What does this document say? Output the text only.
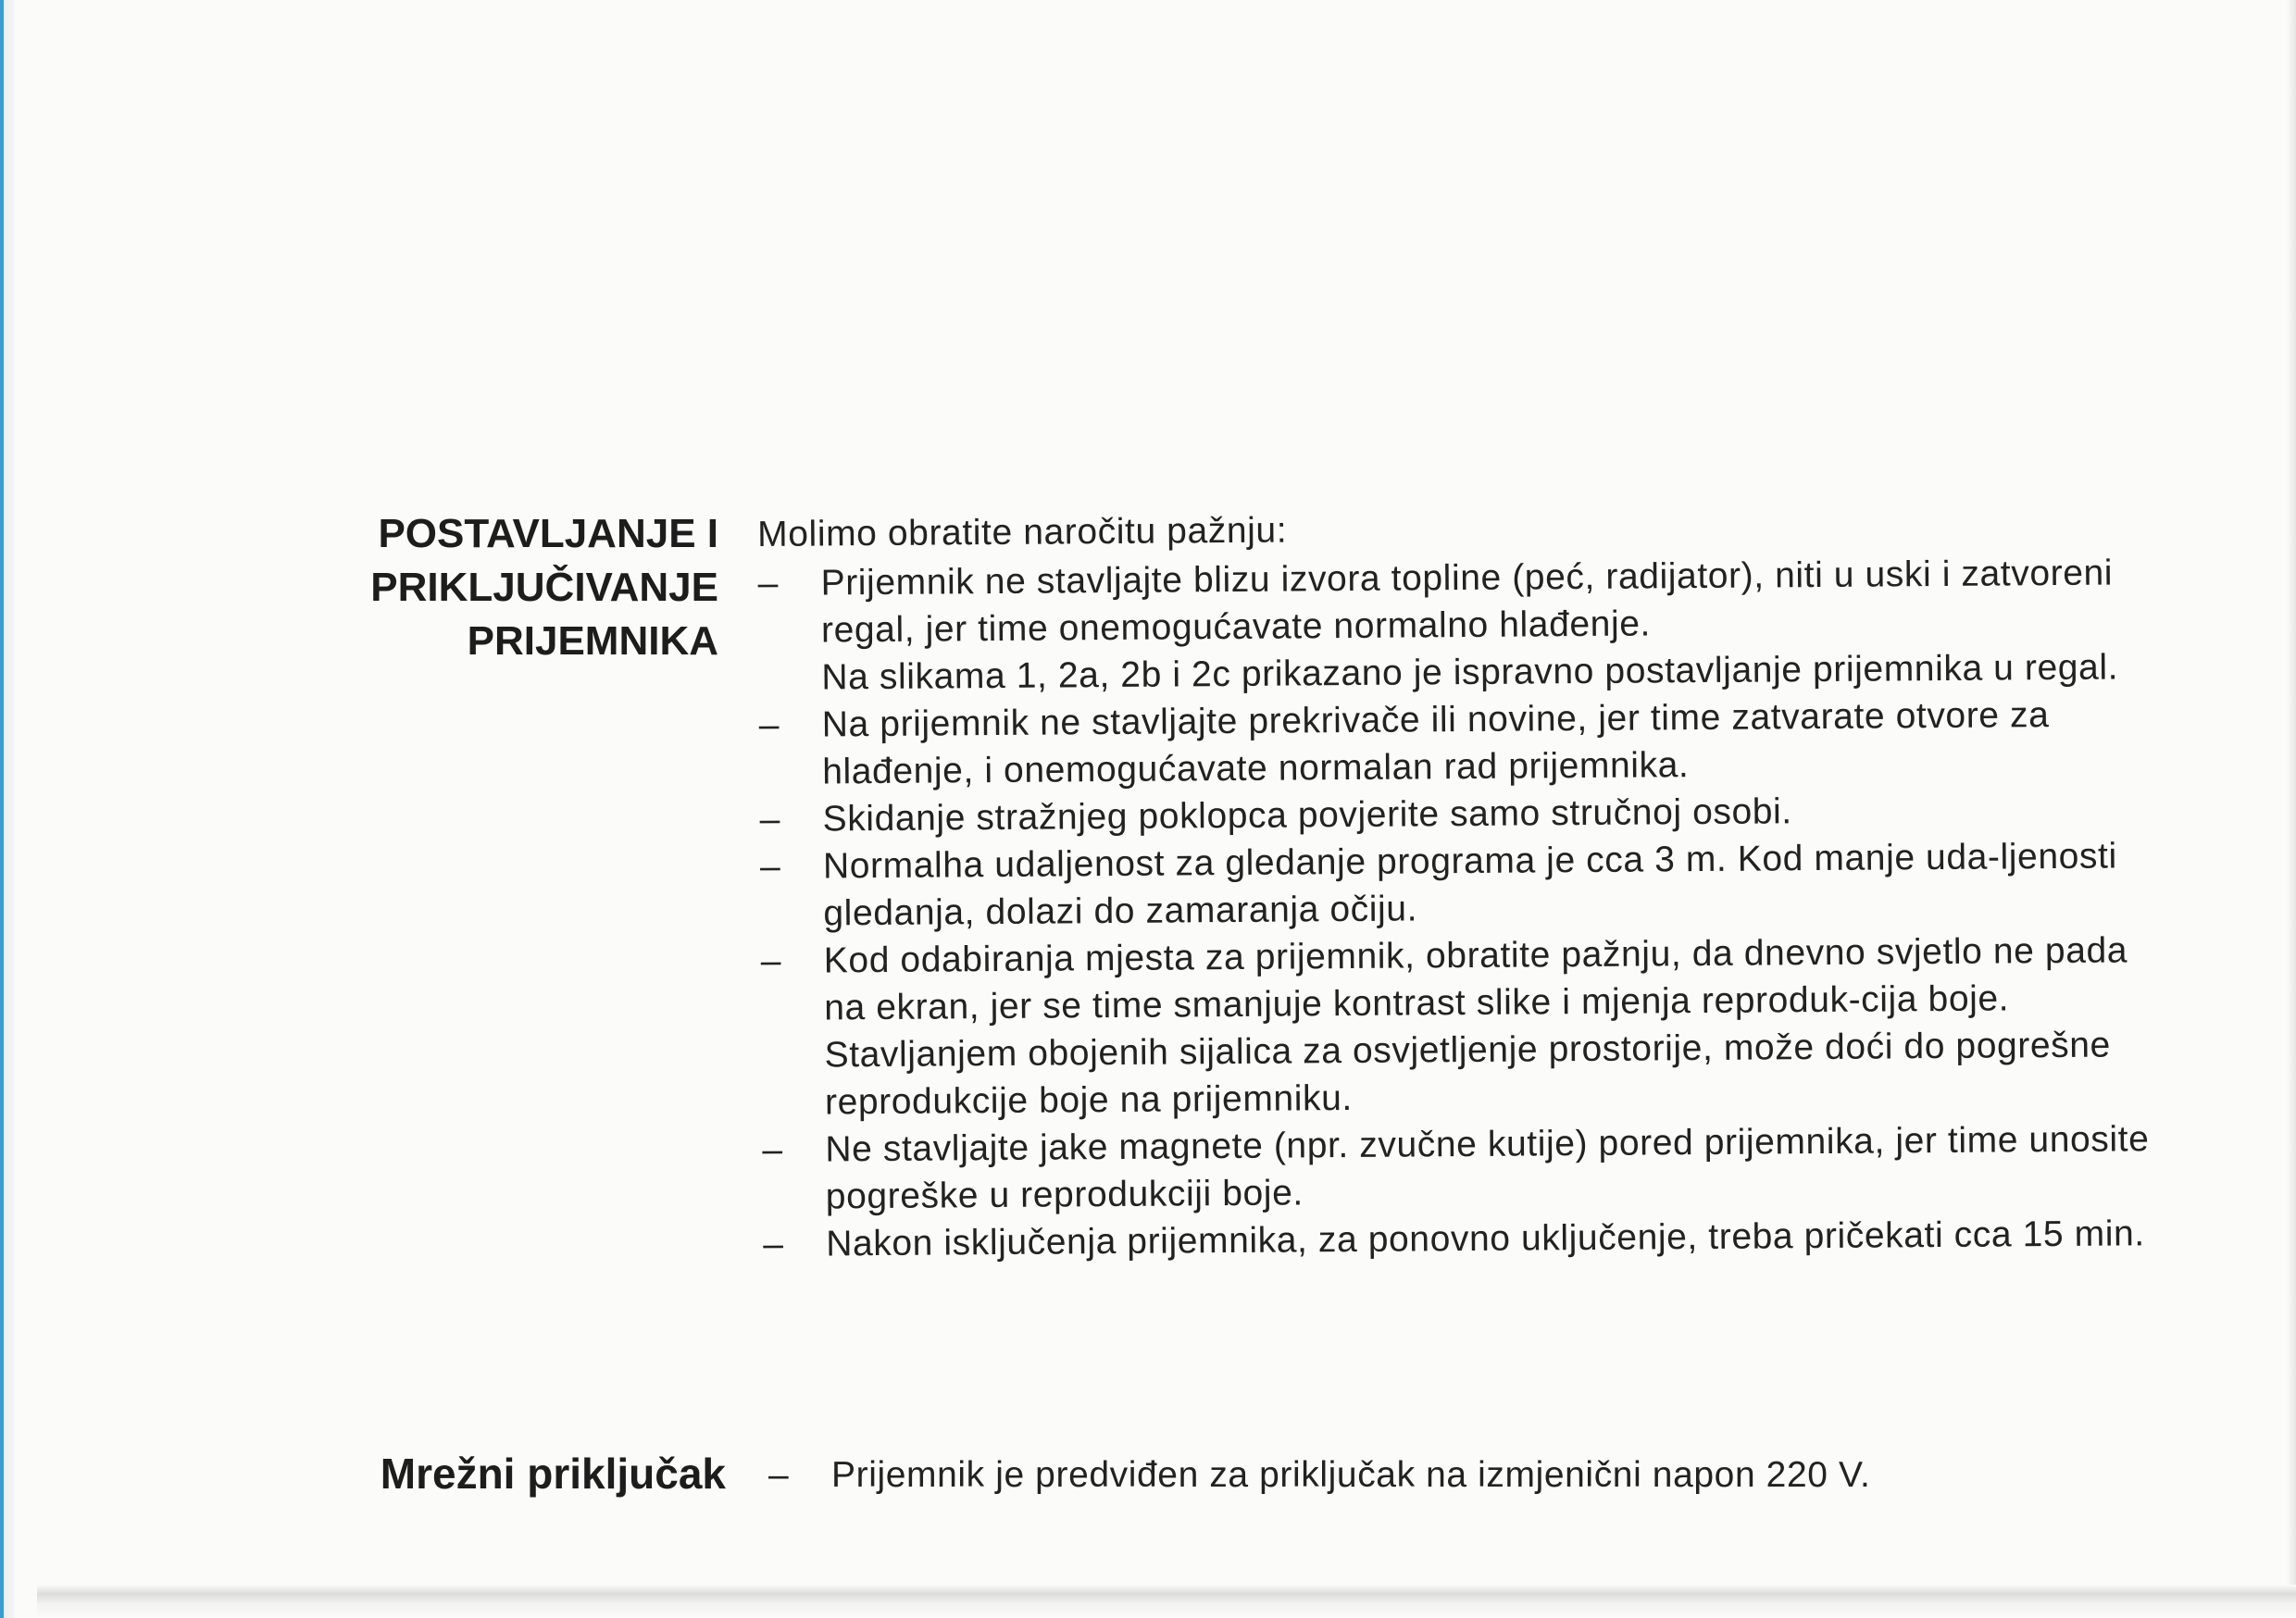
POSTAVLJANJE I
PRIKLJUČIVANJE
PRIJEMNIKA

Molimo obratite naročitu pažnju:

–	Prijemnik ne stavljajte blizu izvora topline (peć, radijator), niti u uski i zatvoreni regal, jer time onemogućavate normalno hlađenje.

Na slikama 1, 2a, 2b i 2c prikazano je ispravno postavljanje prijemnika u regal.

–	Na prijemnik ne stavljajte prekrivače ili novine, jer time zatvarate otvore za hlađenje, i onemogućavate normalan rad prijemnika.

–	Skidanje stražnjeg poklopca povjerite samo stručnoj osobi.

–	Normalha udaljenost za gledanje programa je cca 3 m. Kod manje uda-ljenosti gledanja, dolazi do zamaranja očiju.

–	Kod odabiranja mjesta za prijemnik, obratite pažnju, da dnevno svjetlo ne pada na ekran, jer se time smanjuje kontrast slike i mjenja reproduk-cija boje. Stavljanjem obojenih sijalica za osvjetljenje prostorije, može doći do pogrešne reprodukcije boje na prijemniku.

–	Ne stavljajte jake magnete (npr. zvučne kutije) pored prijemnika, jer time unosite pogreške u reprodukciji boje.

–	Nakon isključenja prijemnika, za ponovno uključenje, treba pričekati cca 15 min.

Mrežni priključak –	Prijemnik je predviđen za priključak na izmjenični napon 220 V.
